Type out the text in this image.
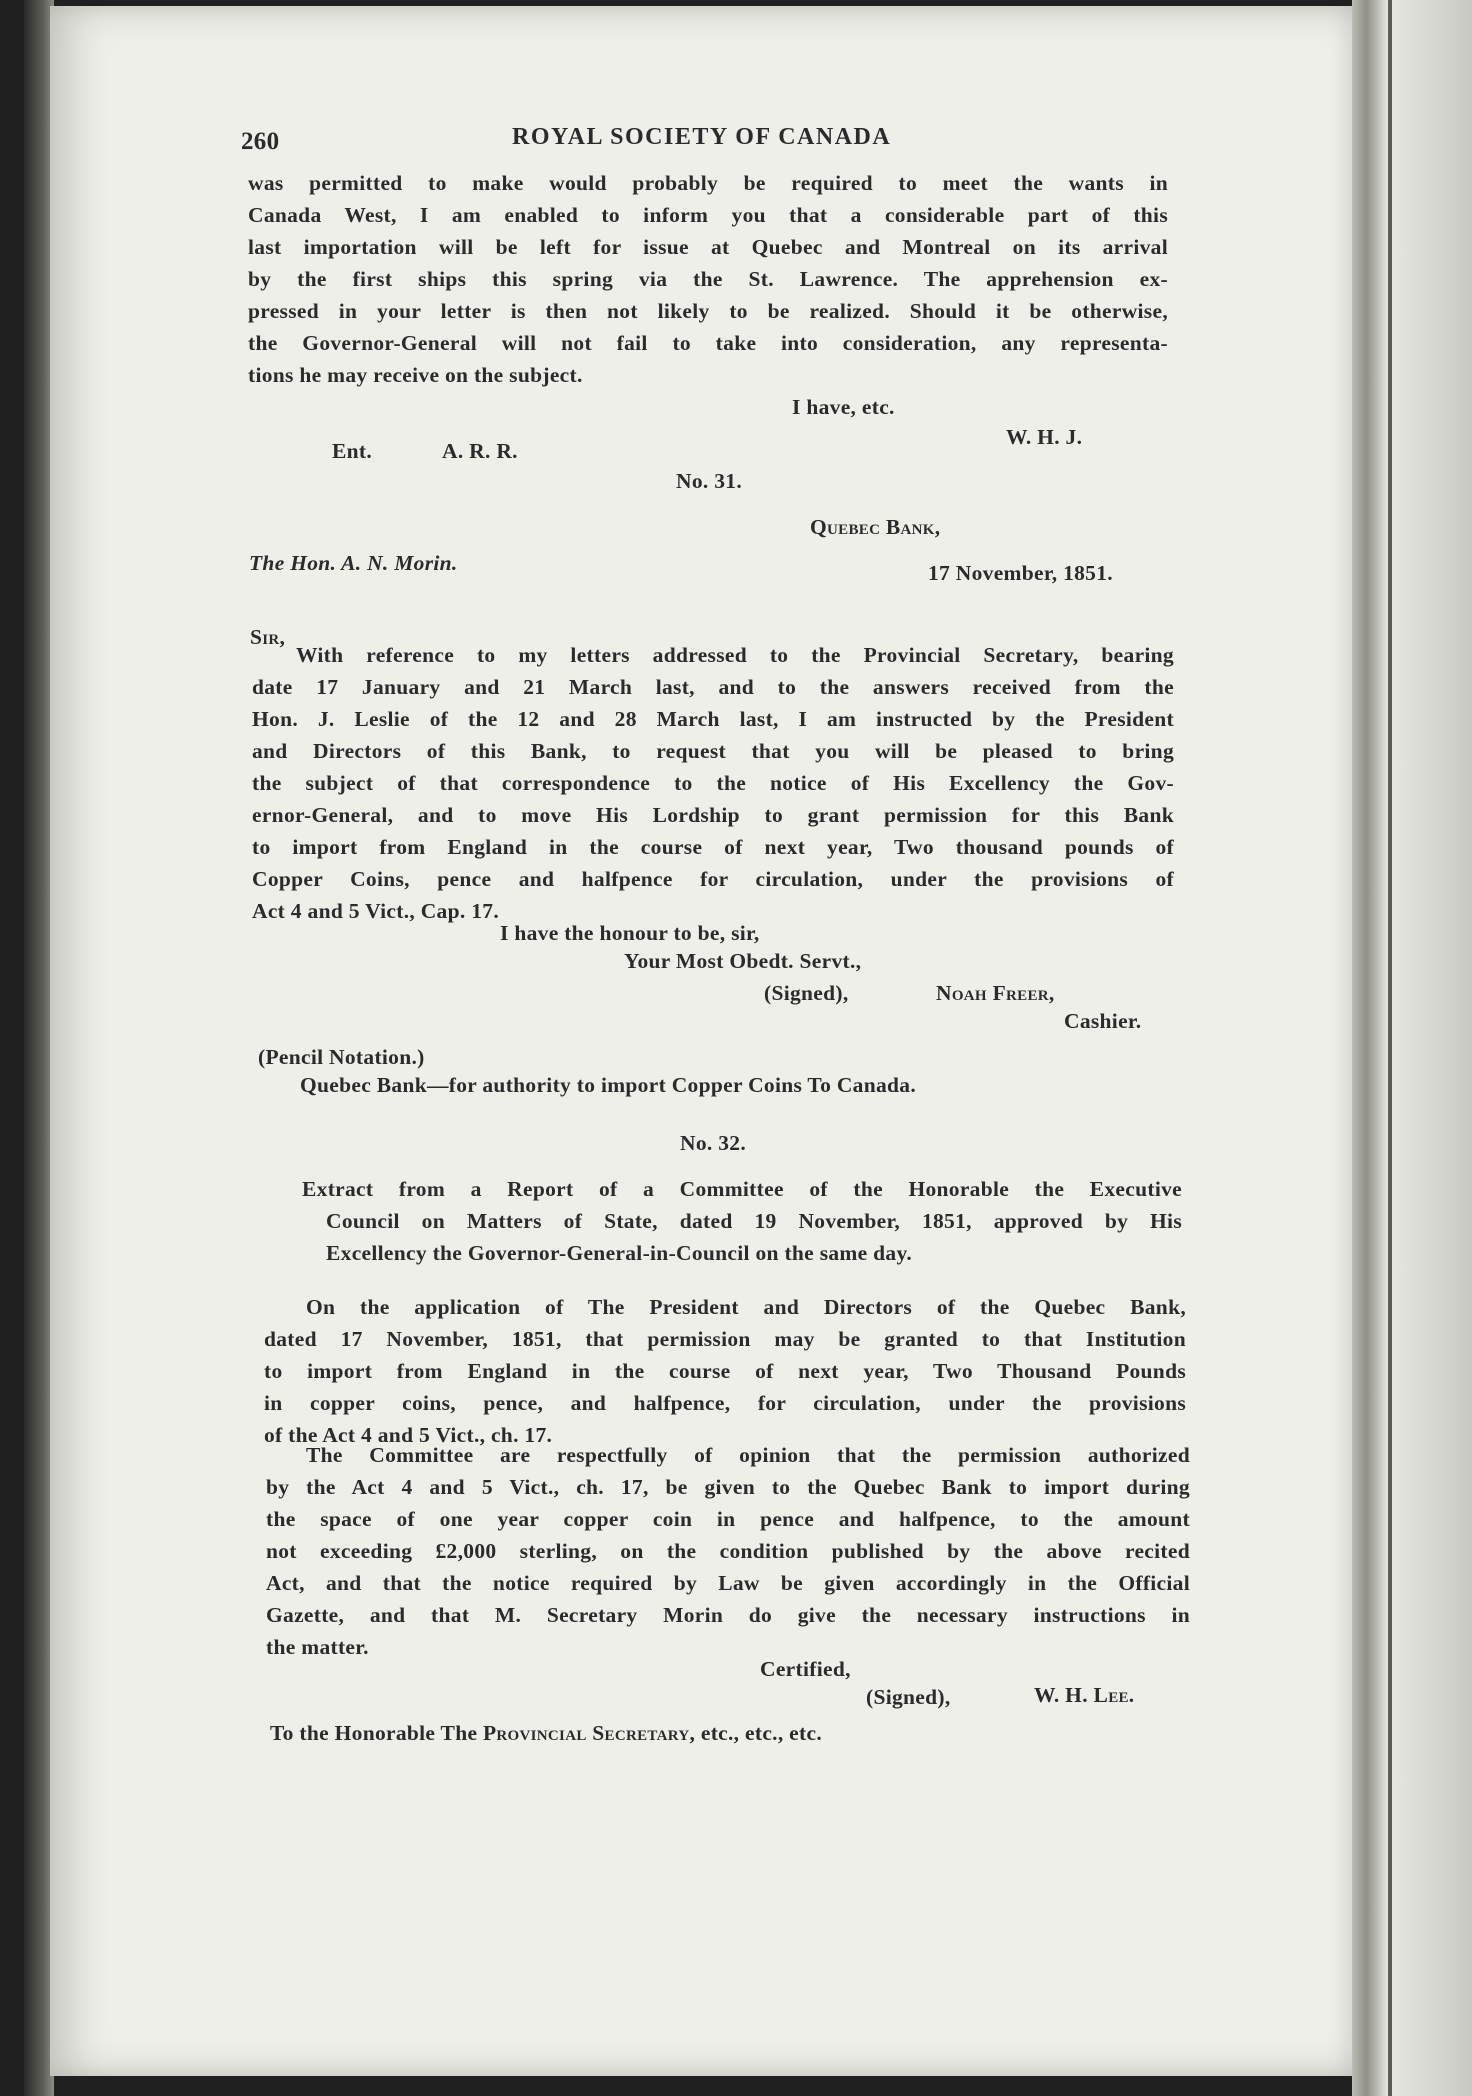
260	ROYAL SOCIETY OF CANADA
was permitted to make would probably be required to meet the wants in
Canada West, I am enabled to inform you that a considerable part of this
last importation will be left for issue at Quebec and Montreal on its arrival
by the first ships this spring via the St. Lawrence. The apprehension ex-
pressed in your letter is then not likely to be realized. Should it be otherwise,
the Governor-General will not fail to take into consideration, any representa-
tions he may receive on the subject.
I have, etc.
Ent.	A. R. R.
W. H. J.
No. 31.
Quebec Bank,
The Hon. A. N. Morin.	17 November, 1851.
Sir,
With reference to my letters addressed to the Provincial Secretary, bearing
date 17 January and 21 March last, and to the answers received from the
Hon. J. Leslie of the 12 and 28 March last, I am instructed by the President
and Directors of this Bank, to request that you will be pleased to bring
the subject of that correspondence to the notice of His Excellency the Gov-
ernor-General, and to move His Lordship to grant permission for this Bank
to import from England in the course of next year, Two thousand pounds of
Copper Coins, pence and halfpence for circulation, under the provisions of
Act 4 and 5 Vict., Cap. 17.
I have the honour to be, sir,
Your Most Obedt. Servt.,
(Signed),	Noah Freer,
Cashier.
(Pencil Notation.)
Quebec Bank—for authority to import Copper Coins To Canada.
No. 32.
Extract from a Report of a Committee of the Honorable the Executive
Council on Matters of State, dated 19 November, 1851, approved by His
Excellency the Governor-General-in-Council on the same day.
On the application of The President and Directors of the Quebec Bank,
dated 17 November, 1851, that permission may be granted to that Institution
to import from England in the course of next year, Two Thousand Pounds
in copper coins, pence, and halfpence, for circulation, under the provisions
of the Act 4 and 5 Vict., ch. 17.
The Committee are respectfully of opinion that the permission authorized
by the Act 4 and 5 Vict., ch. 17, be given to the Quebec Bank to import during
the space of one year copper coin in pence and halfpence, to the amount
not exceeding £2,000 sterling, on the condition published by the above recited
Act, and that the notice required by Law be given accordingly in the Official
Gazette, and that M. Secretary Morin do give the necessary instructions in
the matter.
Certified,
(Signed),	W. H. Lee.
To the Honorable The Provincial Secretary, etc., etc., etc.
